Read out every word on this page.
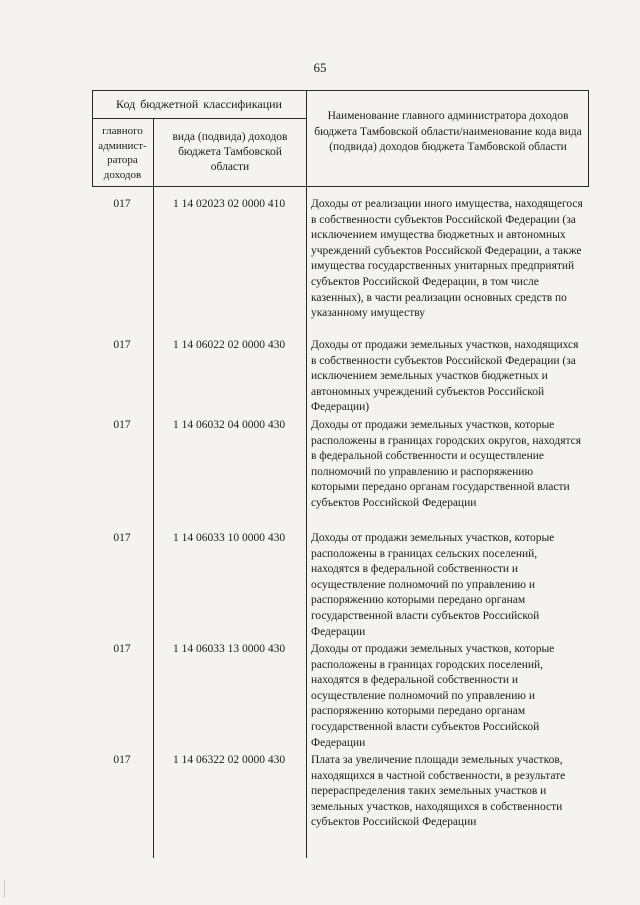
65
Код бюджетной классификации
главного админист-ратора доходов
вида (подвида) доходов бюджета Тамбовской области
Наименование главного администратора доходов бюджета Тамбовской области/наименование кода вида (подвида) доходов бюджета Тамбовской области
017	1 14 02023 02 0000 410	Доходы от реализации иного имущества, находящегося в собственности субъектов Российской Федерации (за исключением имущества бюджетных и автономных учреждений субъектов Российской Федерации, а также имущества государственных унитарных предприятий субъектов Российской Федерации, в том числе казенных), в части реализации основных средств по указанному имуществу
017	1 14 06022 02 0000 430	Доходы от продажи земельных участков, находящихся в собственности субъектов Российской Федерации (за исключением земельных участков бюджетных и автономных учреждений субъектов Российской Федерации)
017	1 14 06032 04 0000 430	Доходы от продажи земельных участков, которые расположены в границах городских округов, находятся в федеральной собственности и осуществление полномочий по управлению и распоряжению которыми передано органам государственной власти субъектов Российской Федерации
017	1 14 06033 10 0000 430	Доходы от продажи земельных участков, которые расположены в границах сельских поселений, находятся в федеральной собственности и осуществление полномочий по управлению и распоряжению которыми передано органам государственной власти субъектов Российской Федерации
017	1 14 06033 13 0000 430	Доходы от продажи земельных участков, которые расположены в границах городских поселений, находятся в федеральной собственности и осуществление полномочий по управлению и распоряжению которыми передано органам государственной власти субъектов Российской Федерации
017	1 14 06322 02 0000 430	Плата за увеличение площади земельных участков, находящихся в частной собственности, в результате перераспределения таких земельных участков и земельных участков, находящихся в собственности субъектов Российской Федерации
